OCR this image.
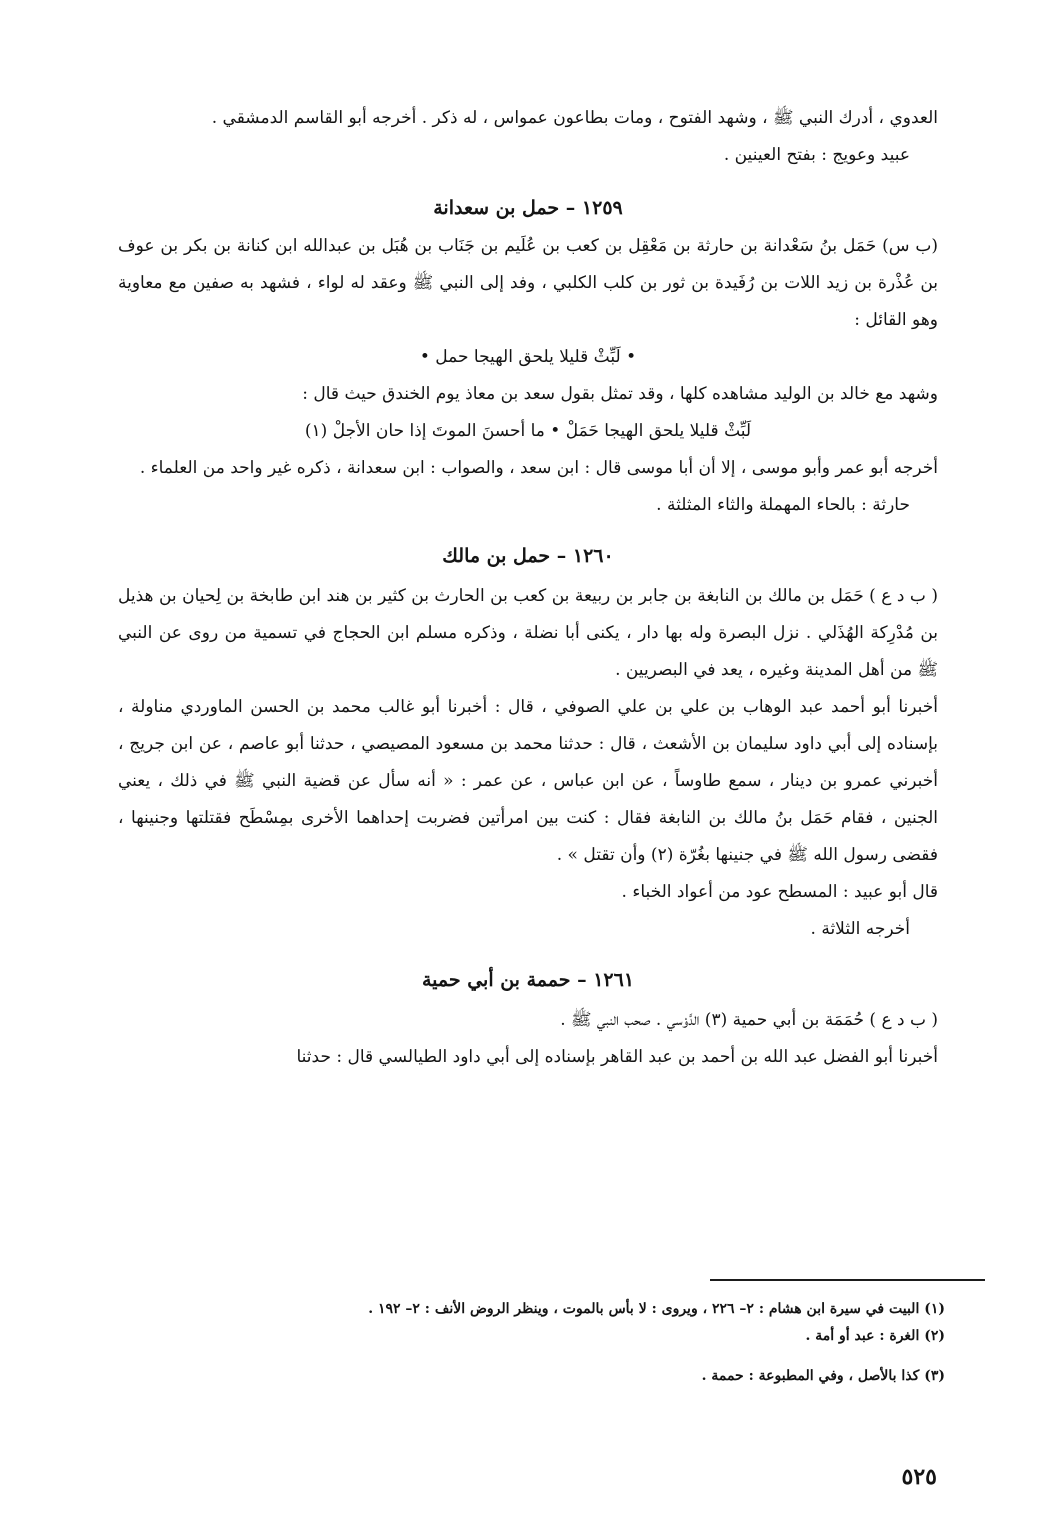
العدوي ، أدرك النبي ﷺ ، وشهد الفتوح ، ومات بطاعون عمواس ، له ذكر . أخرجه أبو القاسم الدمشقي .

عبيد وعويج : بفتح العينين .

١٢٥٩ – حمل بن سعدانة

(ب س) حَمَل بنُ سَعْدانة بن حارثة بن مَعْقِل بن كعب بن عُلَيم بن جَنَاب بن هُبَل بن عبدالله ابن كنانة بن بكر بن عوف بن عُذْرة بن زيد اللات بن رُفَيدة بن ثور بن كلب الكلبي ، وفد إلى النبي ﷺ وعقد له لواء ، فشهد به صفين مع معاوية وهو القائل :

• لَبِّثْ قليلا يلحق الهيجا حمل •

وشهد مع خالد بن الوليد مشاهده كلها ، وقد تمثل بقول سعد بن معاذ يوم الخندق حيث قال :

لَبِّثْ قليلا يلحق الهيجا حَمَلْ • ما أحسنَ الموتَ إذا حان الأجلْ (١)

أخرجه أبو عمر وأبو موسى ، إلا أن أبا موسى قال : ابن سعد ، والصواب : ابن سعدانة ، ذكره غير واحد من العلماء .

حارثة : بالحاء المهملة والثاء المثلثة .

١٢٦٠ – حمل بن مالك

( ب د ع ) حَمَل بن مالك بن النابغة بن جابر بن ربيعة بن كعب بن الحارث بن كثير بن هند ابن طابخة بن لِحيان بن هذيل بن مُدْرِكة الهُذَلي . نزل البصرة وله بها دار ، يكنى أبا نضلة ، وذكره مسلم ابن الحجاج في تسمية من روى عن النبي ﷺ من أهل المدينة وغيره ، يعد في البصريين .

أخبرنا أبو أحمد عبد الوهاب بن علي بن علي الصوفي ، قال : أخبرنا أبو غالب محمد بن الحسن الماوردي مناولة ، بإسناده إلى أبي داود سليمان بن الأشعث ، قال : حدثنا محمد بن مسعود المصيصي ، حدثنا أبو عاصم ، عن ابن جريج ، أخبرني عمرو بن دينار ، سمع طاوساً ، عن ابن عباس ، عن عمر : « أنه سأل عن قضية النبي ﷺ في ذلك ، يعني الجنين ، فقام حَمَل بنُ مالك بن النابغة فقال : كنت بين امرأتين فضربت إحداهما الأخرى بمِسْطَح فقتلتها وجنينها ، فقضى رسول الله ﷺ في جنينها بغُرّة (٢) وأن تقتل » .

قال أبو عبيد : المسطح عود من أعواد الخباء .

أخرجه الثلاثة .

١٢٦١ – حممة بن أبي حمية

( ب د ع ) حُمَمَة بن أبي حمية (٣) الدَّوْسي . صحب النبي ﷺ .

أخبرنا أبو الفضل عبد الله بن أحمد بن عبد القاهر بإسناده إلى أبي داود الطيالسي قال : حدثنا

(١) البيت في سيرة ابن هشام : ٢– ٢٢٦ ، ويروى : لا بأس بالموت ، وينظر الروض الأنف : ٢– ١٩٢ .
(٢) الغرة : عبد أو أمة .
(٣) كذا بالأصل ، وفي المطبوعة : حممة .
٥٢٥
